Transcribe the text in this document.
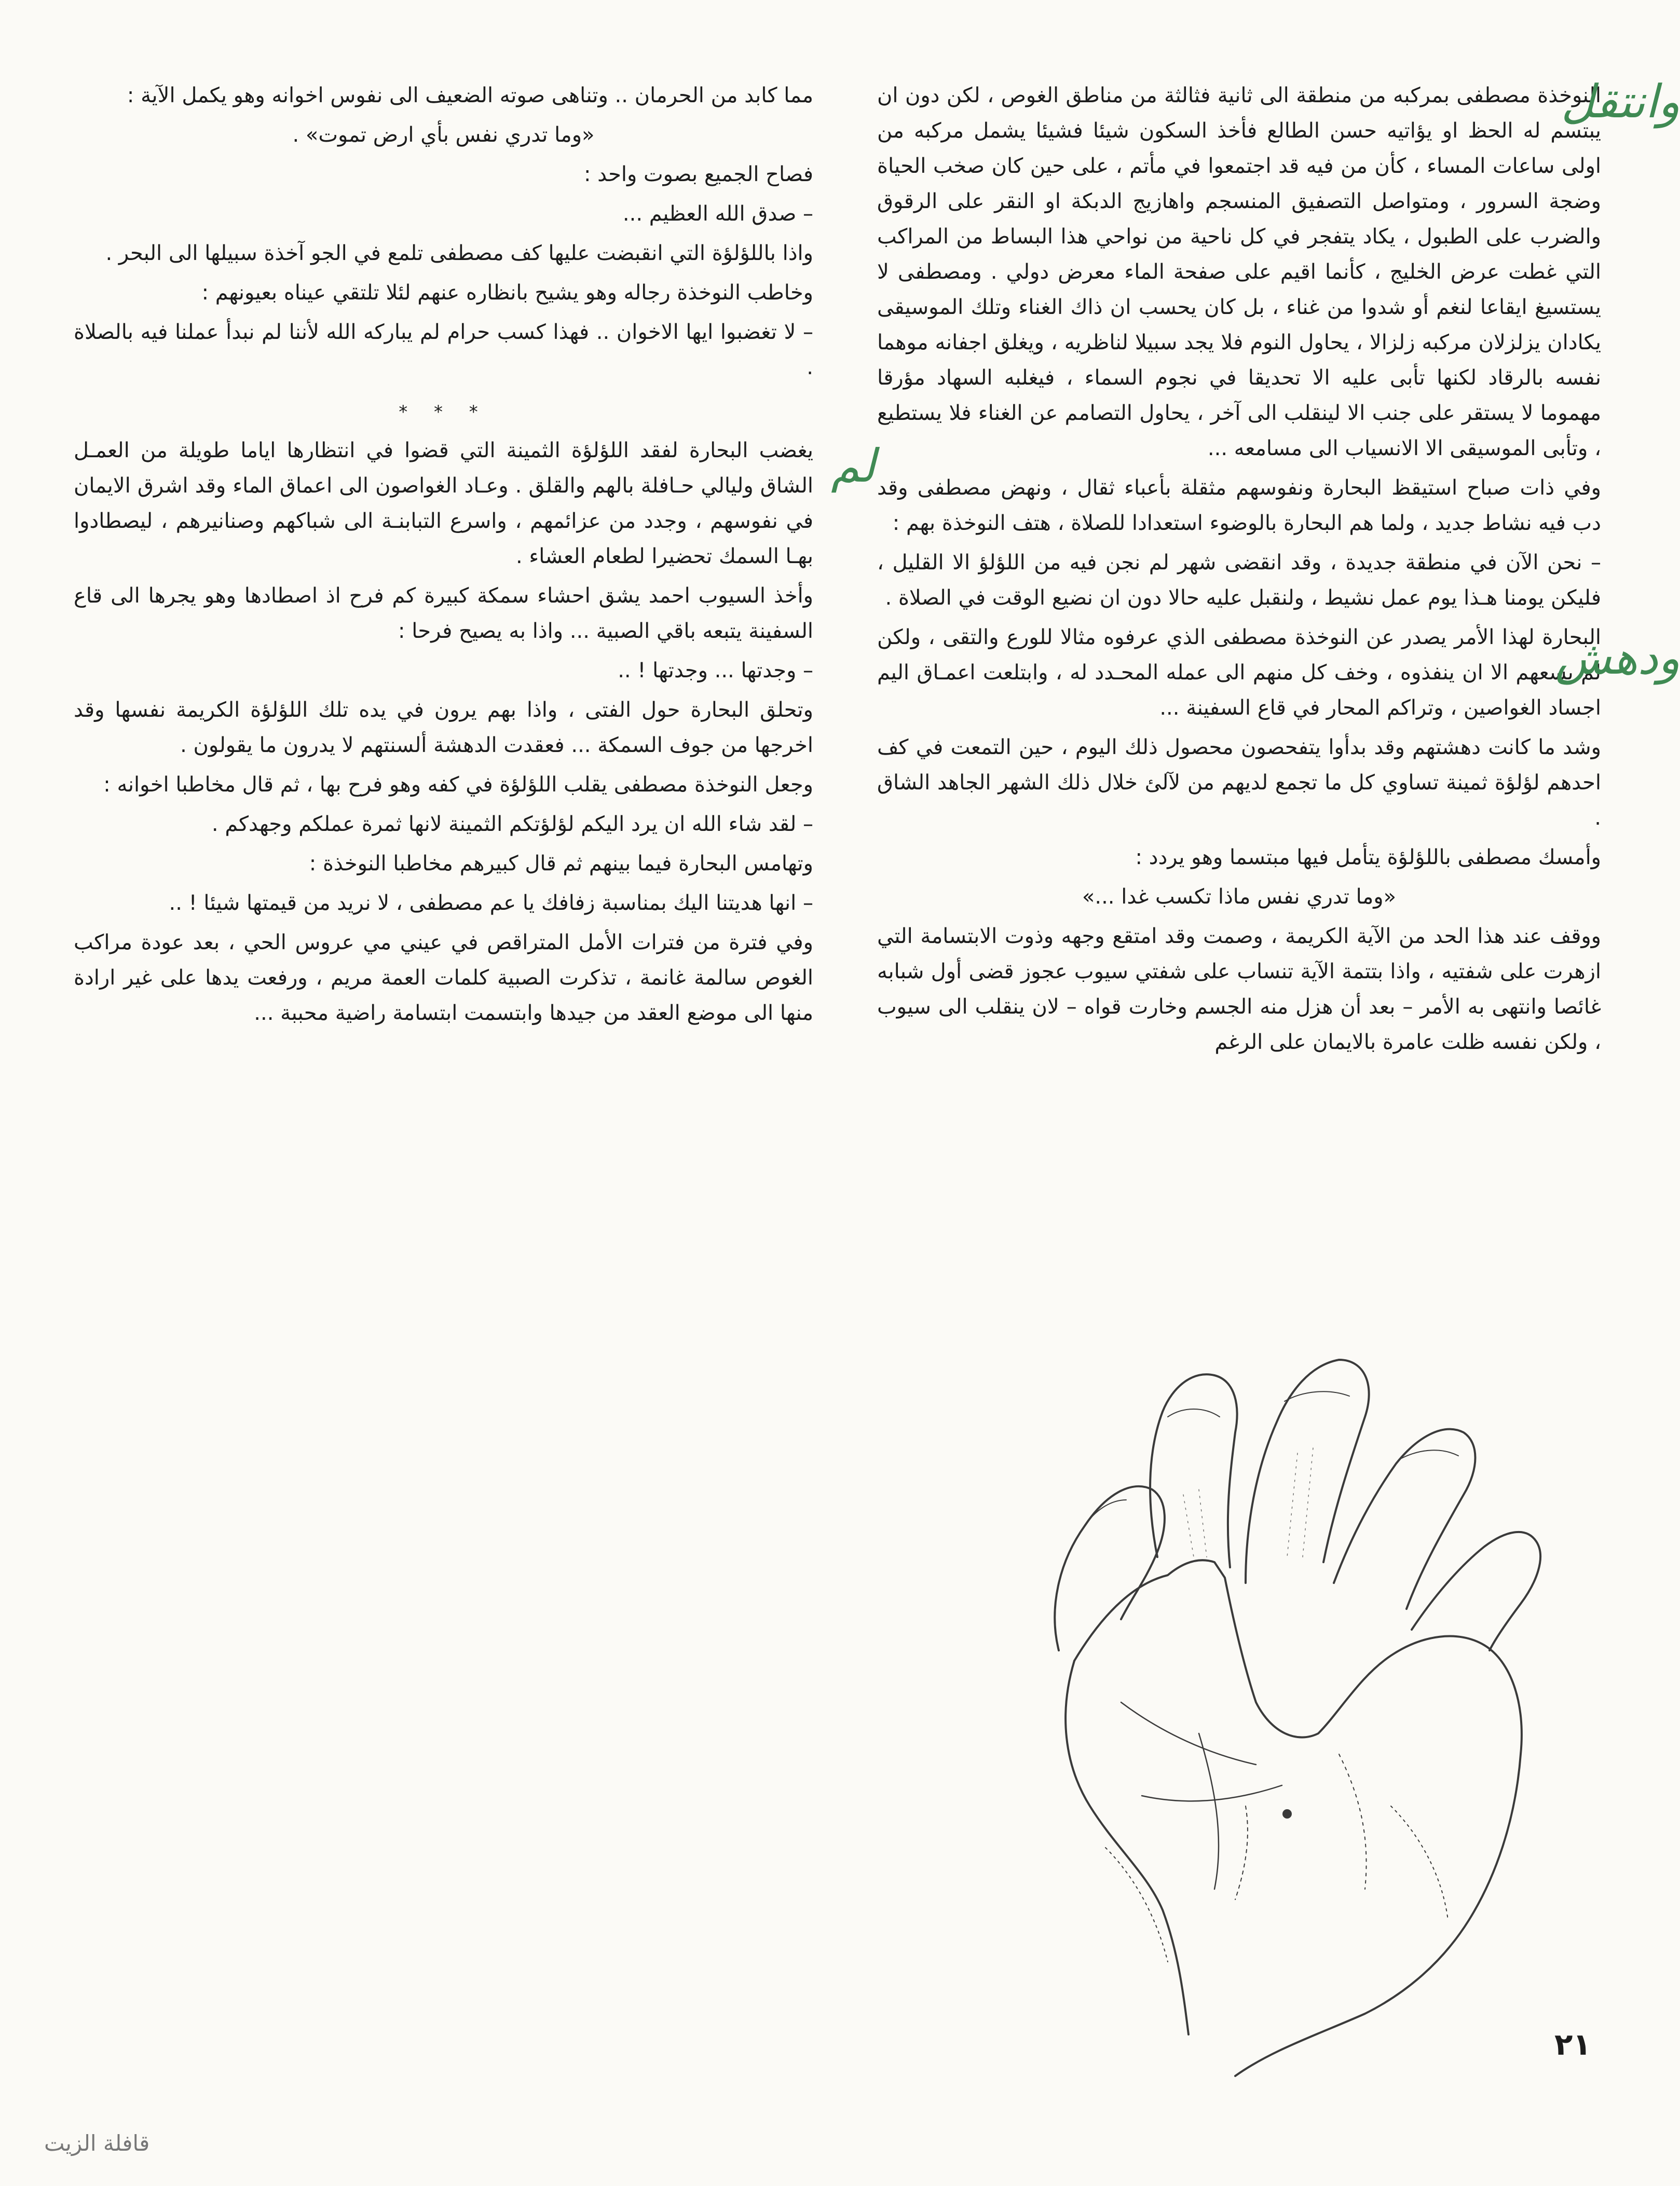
وانتقل

النوخذة مصطفى بمركبه من منطقة الى ثانية فثالثة من مناطق الغوص ، لكن دون ان يبتسم له الحظ او يؤاتيه حسن الطالع فأخذ السكون شيئا فشيئا يشمل مركبه من اولى ساعات المساء ، كأن من فيه قد اجتمعوا في مأتم ، على حين كان صخب الحياة وضجة السرور ، ومتواصل التصفيق المنسجم واهازيج الدبكة او النقر على الرقوق والضرب على الطبول ، يكاد يتفجر في كل ناحية من نواحي هذا البساط من المراكب التي غطت عرض الخليج ، كأنما اقيم على صفحة الماء معرض دولي . ومصطفى لا يستسيغ ايقاعا لنغم أو شدوا من غناء ، بل كان يحسب ان ذاك الغناء وتلك الموسيقى يكادان يزلزلان مركبه زلزالا ، يحاول النوم فلا يجد سبيلا لناظريه ، ويغلق اجفانه موهما نفسه بالرقاد لكنها تأبى عليه الا تحديقا في نجوم السماء ، فيغلبه السهاد مؤرقا مهموما لا يستقر على جنب الا لينقلب الى آخر ، يحاول التصامم عن الغناء فلا يستطيع ، وتأبى الموسيقى الا الانسياب الى مسامعه ...

وفي ذات صباح استيقظ البحارة ونفوسهم مثقلة بأعباء ثقال ، ونهض مصطفى وقد دب فيه نشاط جديد ، ولما هم البحارة بالوضوء استعدادا للصلاة ، هتف النوخذة بهم :

– نحن الآن في منطقة جديدة ، وقد انقضى شهر لم نجن فيه من اللؤلؤ الا القليل ، فليكن يومنا هـذا يوم عمل نشيط ، ولنقبل عليه حالا دون ان نضيع الوقت في الصلاة .

ودهش

البحارة لهذا الأمر يصدر عن النوخذة مصطفى الذي عرفوه مثالا للورع والتقى ، ولكن لم يسعهم الا ان ينفذوه ، وخف كل منهم الى عمله المحـدد له ، وابتلعت اعمـاق اليم اجساد الغواصين ، وتراكم المحار في قاع السفينة ...

وشد ما كانت دهشتهم وقد بدأوا يتفحصون محصول ذلك اليوم ، حين التمعت في كف احدهم لؤلؤة ثمينة تساوي كل ما تجمع لديهم من لآلئ خلال ذلك الشهر الجاهد الشاق .

وأمسك مصطفى باللؤلؤة يتأمل فيها مبتسما وهو يردد :

«وما تدري نفس ماذا تكسب غدا ...»

ووقف عند هذا الحد من الآية الكريمة ، وصمت وقد امتقع وجهه وذوت الابتسامة التي ازهرت على شفتيه ، واذا بتتمة الآية تنساب على شفتي سيوب عجوز قضى أول شبابه غائصا وانتهى به الأمر – بعد أن هزل منه الجسم وخارت قواه – لان ينقلب الى سيوب ، ولكن نفسه ظلت عامرة بالايمان على الرغم

مما كابد من الحرمان .. وتناهى صوته الضعيف الى نفوس اخوانه وهو يكمل الآية :

«وما تدري نفس بأي ارض تموت» .

فصاح الجميع بصوت واحد :

– صدق الله العظيم ...

واذا باللؤلؤة التي انقبضت عليها كف مصطفى تلمع في الجو آخذة سبيلها الى البحر .

وخاطب النوخذة رجاله وهو يشيح بانظاره عنهم لئلا تلتقي عيناه بعيونهم :

– لا تغضبوا ايها الاخوان .. فهذا كسب حرام لم يباركه الله لأننا لم نبدأ عملنا فيه بالصلاة .

* * *
لم

يغضب البحارة لفقد اللؤلؤة الثمينة التي قضوا في انتظارها اياما طويلة من العمـل الشاق وليالي حـافلة بالهم والقلق . وعـاد الغواصون الى اعماق الماء وقد اشرق الايمان في نفوسهم ، وجدد من عزائمهم ، واسرع التبابنـة الى شباكهم وصنانيرهم ، ليصطادوا بهـا السمك تحضيرا لطعام العشاء .

وأخذ السيوب احمد يشق احشاء سمكة كبيرة كم فرح اذ اصطادها وهو يجرها الى قاع السفينة يتبعه باقي الصبية ... واذا به يصيح فرحا :

– وجدتها ... وجدتها ! ..

وتحلق البحارة حول الفتى ، واذا بهم يرون في يده تلك اللؤلؤة الكريمة نفسها وقد اخرجها من جوف السمكة ... فعقدت الدهشة ألسنتهم لا يدرون ما يقولون .

وجعل النوخذة مصطفى يقلب اللؤلؤة في كفه وهو فرح بها ، ثم قال مخاطبا اخوانه :

– لقد شاء الله ان يرد اليكم لؤلؤتكم الثمينة لانها ثمرة عملكم وجهدكم .

وتهامس البحارة فيما بينهم ثم قال كبيرهم مخاطبا النوخذة :

– انها هديتنا اليك بمناسبة زفافك يا عم مصطفى ، لا نريد من قيمتها شيئا ! ..

وفي فترة من فترات الأمل المتراقص في عيني مي عروس الحي ، بعد عودة مراكب الغوص سالمة غانمة ، تذكرت الصبية كلمات العمة مريم ، ورفعت يدها على غير ارادة منها الى موضع العقد من جيدها وابتسمت ابتسامة راضية محببة ...

٢١
قافلة الزيت
